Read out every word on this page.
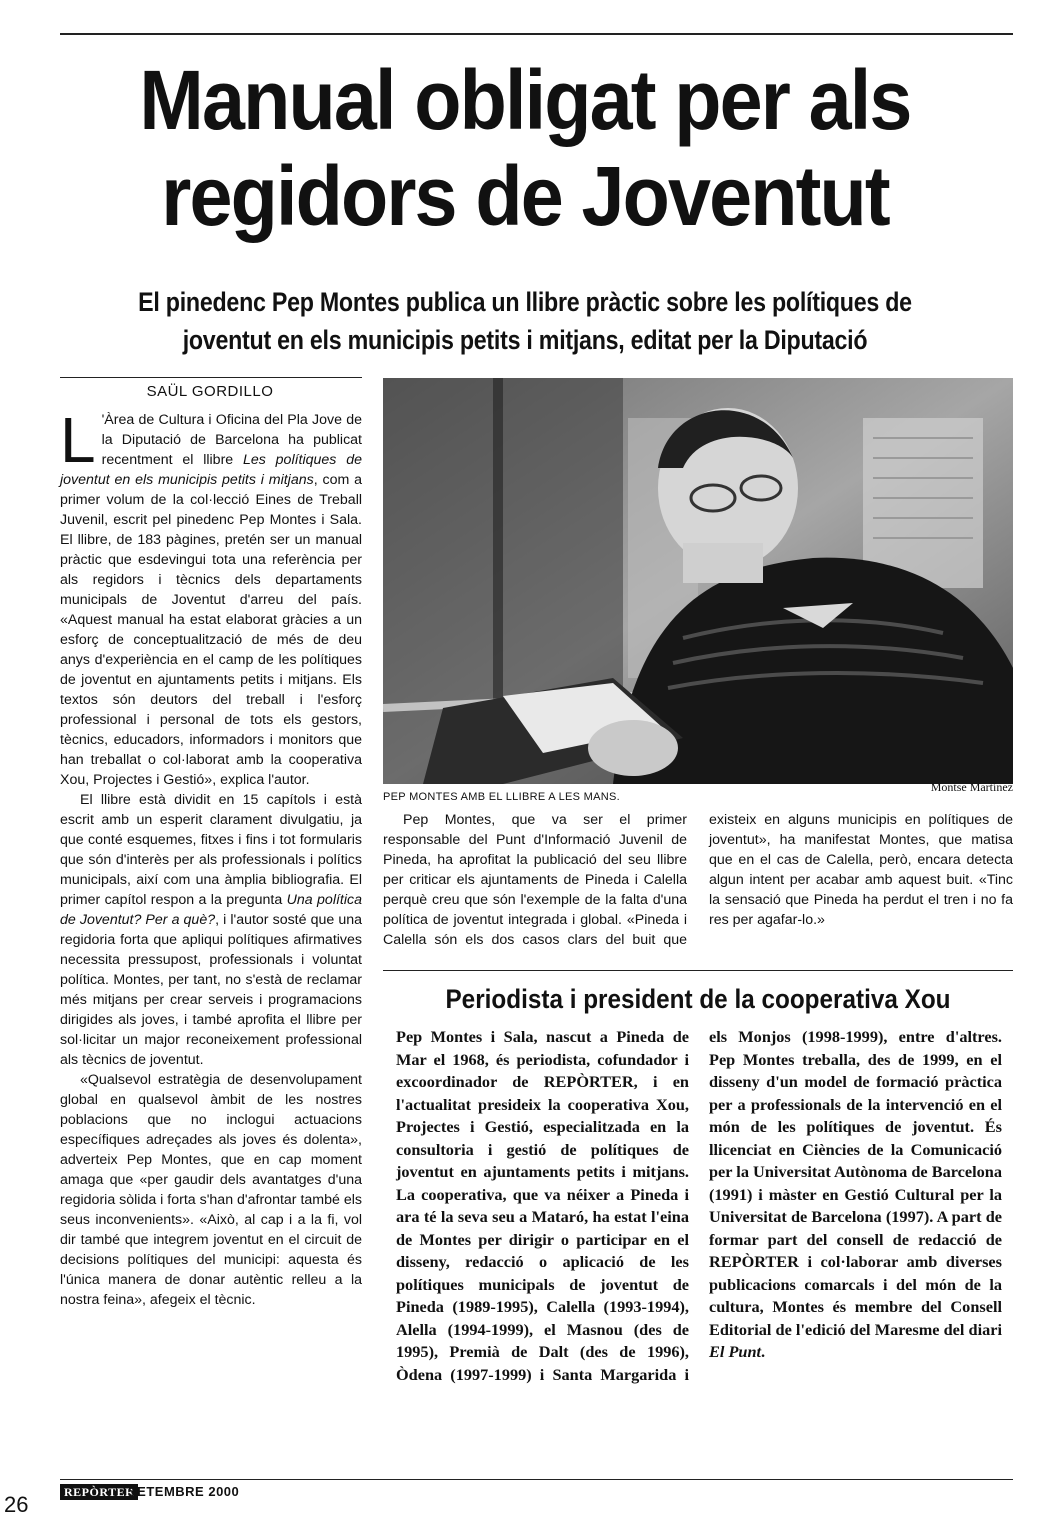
Manual obligat per als
regidors de Joventut
El pinedenc Pep Montes publica un llibre pràctic sobre les polítiques de
joventut en els municipis petits i mitjans, editat per la Diputació
SAÜL GORDILLO

L 'Àrea de Cultura i Oficina del Pla Jove de la Diputació de Barcelona ha publicat recentment el llibre Les polítiques de joventut en els municipis petits i mitjans, com a primer volum de la col·lecció Eines de Treball Juvenil, escrit pel pinedenc Pep Montes i Sala. El llibre, de 183 pàgines, pretén ser un manual pràctic que esdevingui tota una referència per als regidors i tècnics dels departaments municipals de Joventut d'arreu del país. «Aquest manual ha estat elaborat gràcies a un esforç de conceptualització de més de deu anys d'experiència en el camp de les polítiques de joventut en ajuntaments petits i mitjans. Els textos són deutors del treball i l'esforç professional i personal de tots els gestors, tècnics, educadors, informadors i monitors que han treballat o col·laborat amb la cooperativa Xou, Projectes i Gestió», explica l'autor.

El llibre està dividit en 15 capítols i està escrit amb un esperit clarament divulgatiu, ja que conté esquemes, fitxes i fins i tot formularis que són d'interès per als professionals i polítics municipals, així com una àmplia bibliografia. El primer capítol respon a la pregunta Una política de Joventut? Per a què?, i l'autor sosté que una regidoria forta que apliqui polítiques afirmatives necessita pressupost, professionals i voluntat política. Montes, per tant, no s'està de reclamar més mitjans per crear serveis i programacions dirigides als joves, i també aprofita el llibre per sol·licitar un major reconeixement professional als tècnics de joventut.

«Qualsevol estratègia de desenvolupament global en qualsevol àmbit de les nostres poblacions que no inclogui actuacions específiques adreçades als joves és dolenta», adverteix Pep Montes, que en cap moment amaga que «per gaudir dels avantatges d'una regidoria sòlida i forta s'han d'afrontar també els seus inconvenients». «Això, al cap i a la fi, vol dir també que integrem joventut en el circuit de decisions polítiques del municipi: aquesta és l'única manera de donar autèntic relleu a la nostra feina», afegeix el tècnic.

PEP MONTES AMB EL LLIBRE A LES MANS.
Montse Martínez

Pep Montes, que va ser el primer responsable del Punt d'Informació Juvenil de Pineda, ha aprofitat la publicació del seu llibre per criticar els ajuntaments de Pineda i Calella perquè creu que són l'exemple de la falta d'una política de joventut integrada i global. «Pineda i Calella són els dos casos clars del buit que existeix en alguns municipis en polítiques de joventut», ha manifestat Montes, que matisa que en el cas de Calella, però, encara detecta algun intent per acabar amb aquest buit. «Tinc la sensació que Pineda ha perdut el tren i no fa res per agafar-lo.»

Periodista i president de la cooperativa Xou
Pep Montes i Sala, nascut a Pineda de Mar el 1968, és periodista, cofundador i excoordinador de REPÒRTER, i en l'actualitat presideix la cooperativa Xou, Projectes i Gestió, especialitzada en la consultoria i gestió de polítiques de joventut en ajuntaments petits i mitjans. La cooperativa, que va néixer a Pineda i ara té la seva seu a Mataró, ha estat l'eina de Montes per dirigir o participar en el disseny, redacció o aplicació de les polítiques municipals de joventut de Pineda (1989-1995), Calella (1993-1994), Alella (1994-1999), el Masnou (des de 1995), Premià de Dalt (des de 1996), Òdena (1997-1999) i Santa Margarida i els Monjos (1998-1999), entre d'altres. Pep Montes treballa, des de 1999, en el disseny d'un model de formació pràctica per a professionals de la intervenció en el món de les polítiques de joventut. És llicenciat en Ciències de la Comunicació per la Universitat Autònoma de Barcelona (1991) i màster en Gestió Cultural per la Universitat de Barcelona (1997). A part de formar part del consell de redacció de REPÒRTER i col·laborar amb diverses publicacions comarcals i del món de la cultura, Montes és membre del Consell Editorial de l'edició del Maresme del diari El Punt.
REPÒRTER
SETEMBRE 2000
26
